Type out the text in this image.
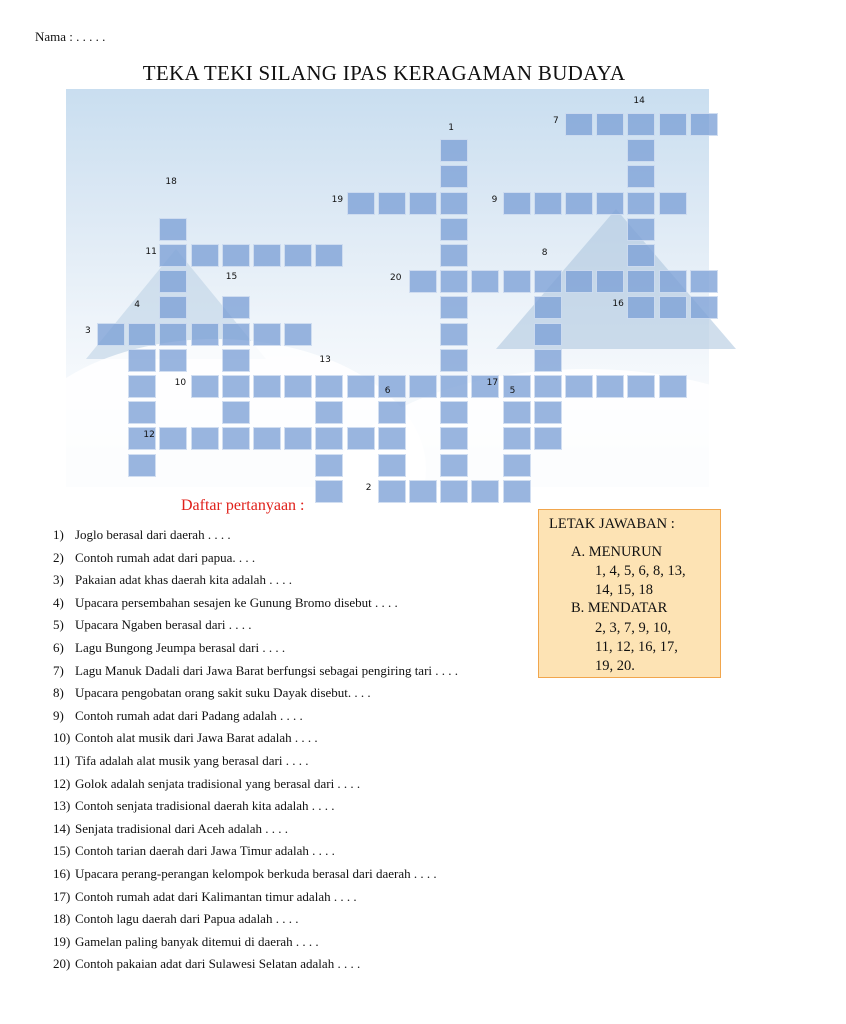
Nama : . . . . .
TEKA TEKI SILANG IPAS KERAGAMAN BUDAYA
14
7
1
18
19	9
11	8
15	20
4	16
3
13
10	17
6	5
12
2
Daftar pertanyaan :
1) Joglo berasal dari daerah . . . .
2) Contoh rumah adat dari papua. . . .
3) Pakaian adat khas daerah kita adalah . . . .
4) Upacara persembahan sesajen ke Gunung Bromo disebut . . . .
5) Upacara Ngaben berasal dari . . . .
6) Lagu Bungong Jeumpa berasal dari . . . .
7) Lagu Manuk Dadali dari Jawa Barat berfungsi sebagai pengiring tari . . . .
8) Upacara pengobatan orang sakit suku Dayak disebut. . . .
9) Contoh rumah adat dari Padang adalah . . . .
10) Contoh alat musik dari Jawa Barat adalah . . . .
11) Tifa adalah alat musik yang berasal dari . . . .
12) Golok adalah senjata tradisional yang berasal dari . . . .
13) Contoh senjata tradisional daerah kita adalah . . . .
14) Senjata tradisional dari Aceh adalah . . . .
15) Contoh tarian daerah dari Jawa Timur adalah . . . .
16) Upacara perang-perangan kelompok berkuda berasal dari daerah . . . .
17) Contoh rumah adat dari Kalimantan timur adalah . . . .
18) Contoh lagu daerah dari Papua adalah . . . .
19) Gamelan paling banyak ditemui di daerah . . . .
20) Contoh pakaian adat dari Sulawesi Selatan adalah . . . .
LETAK JAWABAN :
A. MENURUN
1, 4, 5, 6, 8, 13,
14, 15, 18
B. MENDATAR
2, 3, 7, 9, 10,
11, 12, 16, 17,
19, 20.
